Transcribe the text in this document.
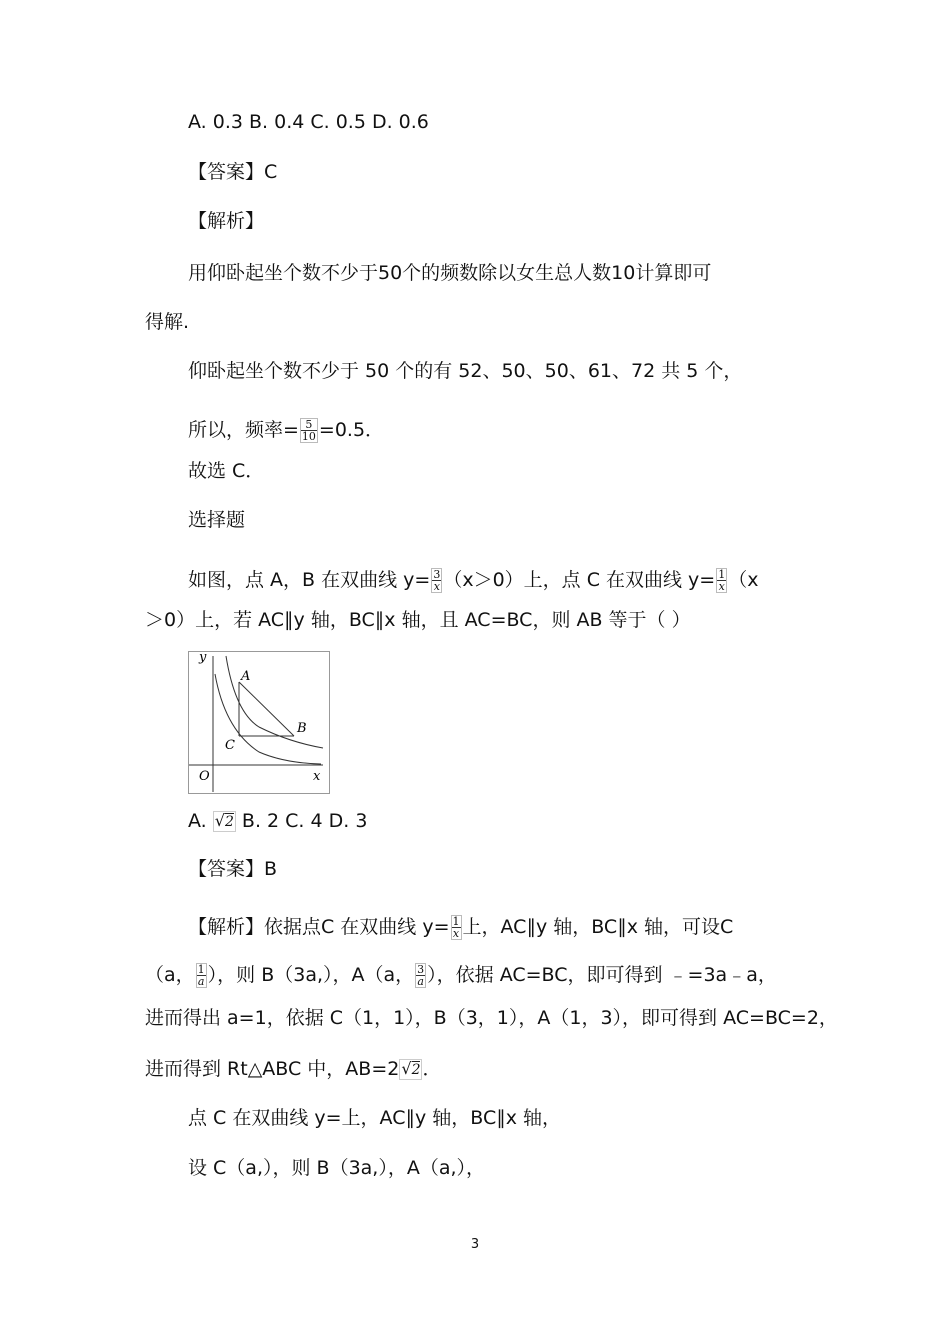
A. 0.3 B. 0.4 C. 0.5 D. 0.6
【答案】C
【解析】
用仰卧起坐个数不少于50个的频数除以女生总人数10计算即可
得解.
仰卧起坐个数不少于 50 个的有 52、50、50、61、72 共 5 个，
所以，频率= $\frac{5}{10} =0.5$．
故选 C．
选择题
如图，点 A，B 在双曲线 $y= \frac{3}{x} (x>0)$上，点 C 在双曲线 $y= \frac{1}{x} (x$
＞0）上，若 AC∥y 轴，BC∥x 轴，且 AC=BC，则 AB 等于（ ）
y
x
O
A
B
C
A. √2 B. 2 C. 4 D. 3
【答案】B
【解析】依据点C 在双曲线 $y= \frac{1}{x}$ 上，AC∥y 轴，BC∥x 轴，可设C
（a， $\frac{1}{a}$ ），则 B（3a,），A（a， $\frac{3}{a}$ ），依据 AC=BC，即可得到 ﹣=3a﹣a，
进而得出 a=1，依据 C（1，1），B（3，1），A（1，3），即可得到 AC=BC=2，
进而得到 Rt△ABC 中，AB=2 √2 ．
点 C 在双曲线 y=上，AC∥y 轴，BC∥x 轴，
设 C（a,），则 B（3a,），A（a,），
3
